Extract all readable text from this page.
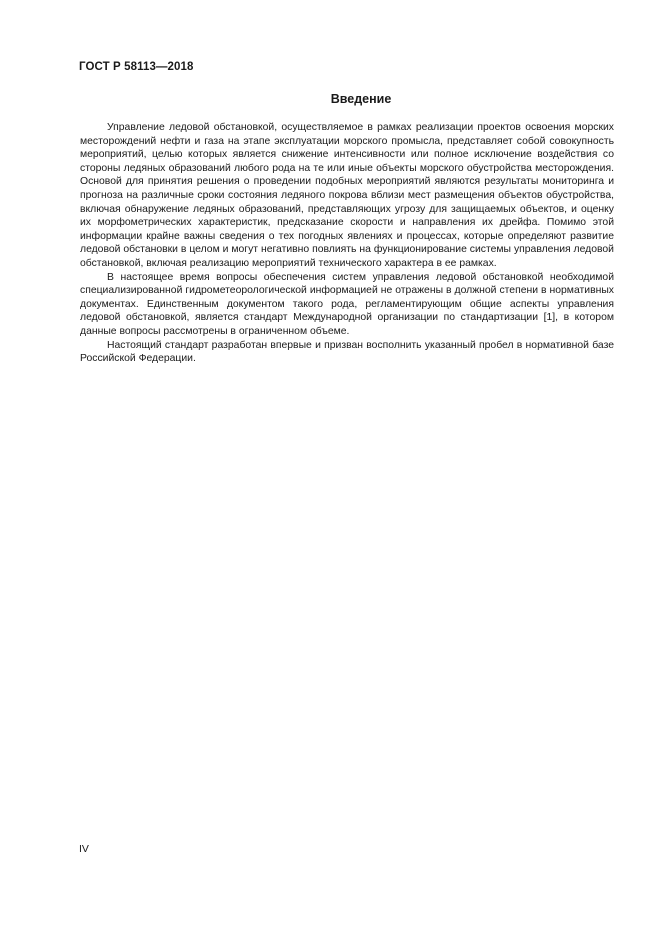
ГОСТ Р 58113—2018
Введение

Управление ледовой обстановкой, осуществляемое в рамках реализации проектов освоения морских месторождений нефти и газа на этапе эксплуатации морского промысла, представляет собой совокупность мероприятий, целью которых является снижение интенсивности или полное исключение воздействия со стороны ледяных образований любого рода на те или иные объекты морского обустройства месторождения. Основой для принятия решения о проведении подобных мероприятий являются результаты мониторинга и прогноза на различные сроки состояния ледяного покрова вблизи мест размещения объектов обустройства, включая обнаружение ледяных образований, представляющих угрозу для защищаемых объектов, и оценку их морфометрических характеристик, предсказание скорости и направления их дрейфа. Помимо этой информации крайне важны сведения о тех погодных явлениях и процессах, которые определяют развитие ледовой обстановки в целом и могут негативно повлиять на функционирование системы управления ледовой обстановкой, включая реализацию мероприятий технического характера в ее рамках.

В настоящее время вопросы обеспечения систем управления ледовой обстановкой необходимой специализированной гидрометеорологической информацией не отражены в должной степени в нормативных документах. Единственным документом такого рода, регламентирующим общие аспекты управления ледовой обстановкой, является стандарт Международной организации по стандартизации [1], в котором данные вопросы рассмотрены в ограниченном объеме.

Настоящий стандарт разработан впервые и призван восполнить указанный пробел в нормативной базе Российской Федерации.

IV
